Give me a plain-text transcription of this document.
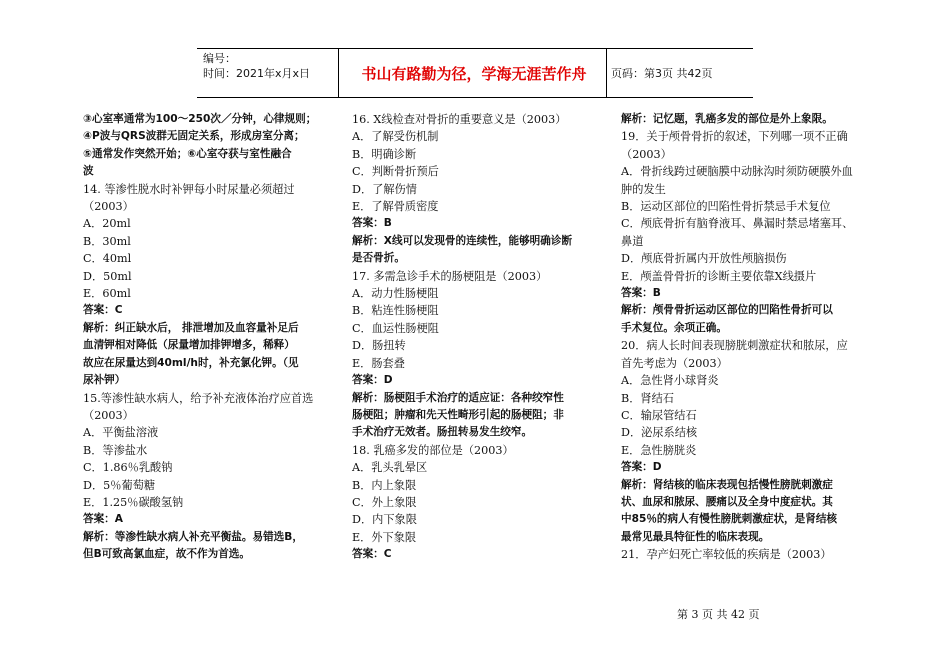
编号：
时间：2021年x月x日	书山有路勤为径，学海无涯苦作舟	页码：第3页 共42页

③心室率通常为100～250次／分钟，心律规则；

④P波与QRS波群无固定关系，形成房室分离；

⑤通常发作突然开始；⑥心室夺获与室性融合

波

14. 等渗性脱水时补钾每小时尿量必须超过

（2003）

A．20ml

B．30ml

C．40ml

D．50ml

E．60ml

答案：C

解析：纠正缺水后， 排泄增加及血容量补足后

血清钾相对降低（尿量增加排钾增多，稀释）

故应在尿量达到40ml/h时，补充氯化钾。（见

尿补钾）

15.等渗性缺水病人，给予补充液体治疗应首选

（2003）

A．平衡盐溶液

B．等渗盐水

C．1.86％乳酸钠

D．5％葡萄糖

E．1.25％碳酸氢钠

答案：A

解析：等渗性缺水病人补充平衡盐。易错选B，

但B可致高氯血症，故不作为首选。

16. X线检查对骨折的重要意义是（2003）

A．了解受伤机制

B．明确诊断

C．判断骨折预后

D．了解伤情

E．了解骨质密度

答案：B

解析：X线可以发现骨的连续性，能够明确诊断

是否骨折。

17. 多需急诊手术的肠梗阻是（2003）

A．动力性肠梗阻

B．粘连性肠梗阻

C．血运性肠梗阻

D．肠扭转

E．肠套叠

答案：D

解析：肠梗阻手术治疗的适应证：各种绞窄性

肠梗阻；肿瘤和先天性畸形引起的肠梗阻；非

手术治疗无效者。肠扭转易发生绞窄。

18. 乳癌多发的部位是（2003）

A．乳头乳晕区

B．内上象限

C．外上象限

D．内下象限

E．外下象限

答案：C

解析：记忆题，乳癌多发的部位是外上象限。

19．关于颅骨骨折的叙述，下列哪一项不正确

（2003）

A．骨折线跨过硬脑膜中动脉沟时须防硬膜外血

肿的发生

B．运动区部位的凹陷性骨折禁忌手术复位

C．颅底骨折有脑脊液耳、鼻漏时禁忌堵塞耳、

鼻道

D．颅底骨折属内开放性颅脑损伤

E．颅盖骨骨折的诊断主要依靠X线摄片

答案：B

解析：颅骨骨折运动区部位的凹陷性骨折可以

手术复位。余项正确。

20．病人长时间表现膀胱刺激症状和脓尿，应

首先考虑为（2003）

A．急性肾小球肾炎

B．肾结石

C．输尿管结石

D．泌尿系结核

E．急性膀胱炎

答案：D

解析：肾结核的临床表现包括慢性膀胱刺激症

状、血尿和脓尿、腰痛以及全身中度症状。其

中85％的病人有慢性膀胱刺激症状，是肾结核

最常见最具特征性的临床表现。

21．孕产妇死亡率较低的疾病是（2003）

第 3 页 共 42 页
